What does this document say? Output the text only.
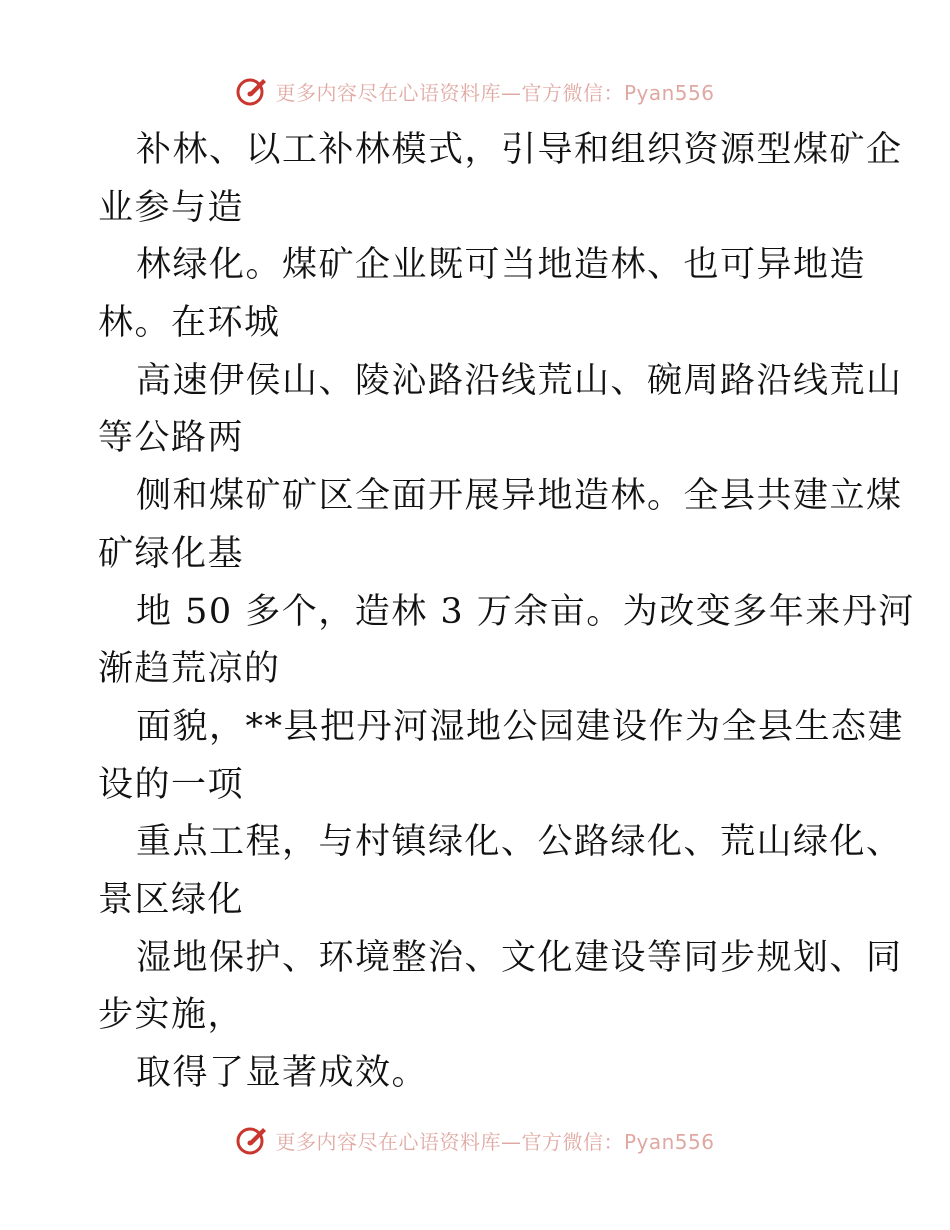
更多内容尽在心语资料库—官方微信：Pyan556
补林、以工补林模式，引导和组织资源型煤矿企
业参与造
林绿化。煤矿企业既可当地造林、也可异地造
林。在环城
高速伊侯山、陵沁路沿线荒山、碗周路沿线荒山
等公路两
侧和煤矿矿区全面开展异地造林。全县共建立煤
矿绿化基
地 50 多个，造林 3 万余亩。为改变多年来丹河
渐趋荒凉的
面貌，**县把丹河湿地公园建设作为全县生态建
设的一项
重点工程，与村镇绿化、公路绿化、荒山绿化、
景区绿化
湿地保护、环境整治、文化建设等同步规划、同
步实施，
取得了显著成效。
更多内容尽在心语资料库—官方微信：Pyan556
